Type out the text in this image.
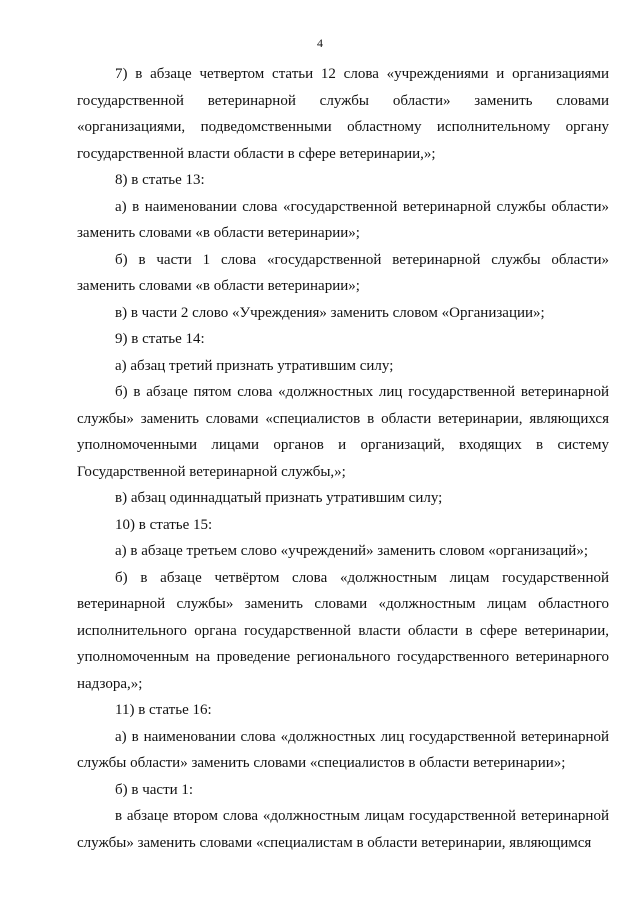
4

7) в абзаце четвертом статьи 12 слова «учреждениями и организациями государственной ветеринарной службы области» заменить словами «организациями, подведомственными областному исполнительному органу государственной власти области в сфере ветеринарии,»;

8) в статье 13:

а) в наименовании слова «государственной ветеринарной службы области» заменить словами «в области ветеринарии»;

б) в части 1 слова «государственной ветеринарной службы области» заменить словами «в области ветеринарии»;

в) в части 2 слово «Учреждения» заменить словом «Организации»;

9) в статье 14:

а) абзац третий признать утратившим силу;

б) в абзаце пятом слова «должностных лиц государственной ветеринарной службы» заменить словами «специалистов в области ветеринарии, являющихся уполномоченными лицами органов и организаций, входящих в систему Государственной ветеринарной службы,»;

в) абзац одиннадцатый признать утратившим силу;

10) в статье 15:

а) в абзаце третьем слово «учреждений» заменить словом «организаций»;

б) в абзаце четвёртом слова «должностным лицам государственной ветеринарной службы» заменить словами «должностным лицам областного исполнительного органа государственной власти области в сфере ветеринарии, уполномоченным на проведение регионального государственного ветеринарного надзора,»;

11) в статье 16:

а) в наименовании слова «должностных лиц государственной ветеринарной службы области» заменить словами «специалистов в области ветеринарии»;

б) в части 1:

в абзаце втором слова «должностным лицам государственной ветеринарной службы» заменить словами «специалистам в области ветеринарии, являющимся
